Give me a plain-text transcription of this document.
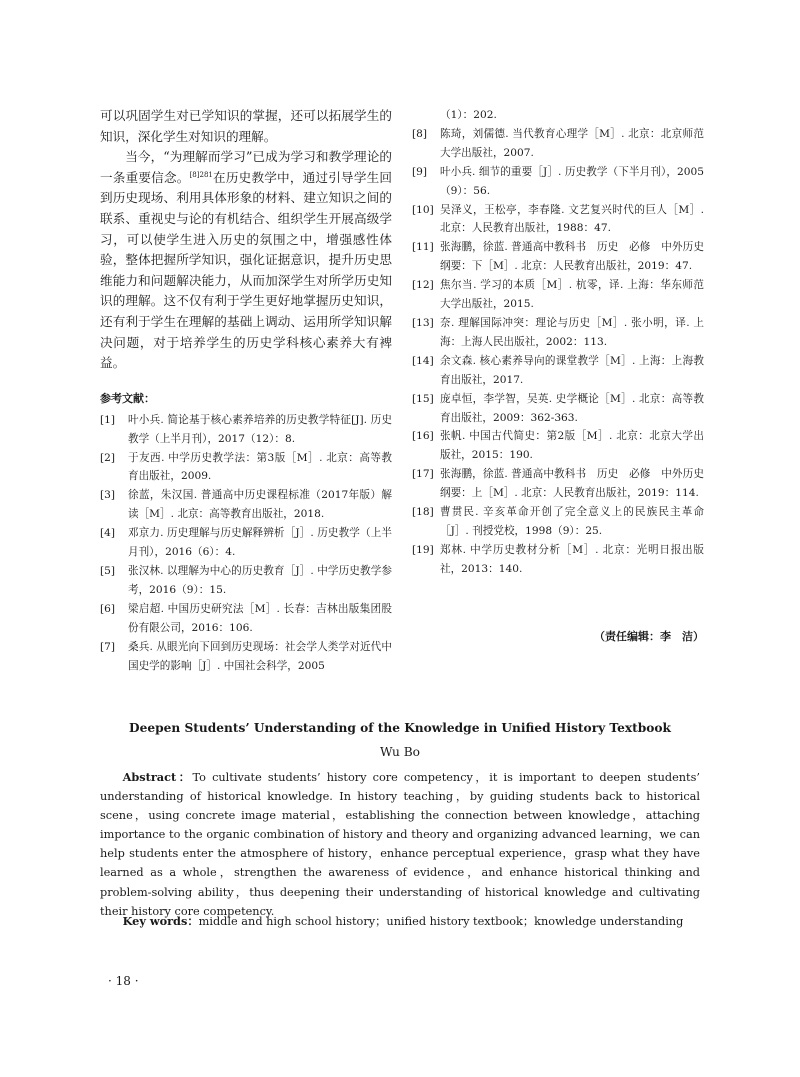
可以巩固学生对已学知识的掌握，还可以拓展学生的知识，深化学生对知识的理解。

当今，“为理解而学习”已成为学习和教学理论的一条重要信念。$^{[8]281}$在历史教学中，通过引导学生回到历史现场、利用具体形象的材料、建立知识之间的联系、重视史与论的有机结合、组织学生开展高级学习，可以使学生进入历史的氛围之中，增强感性体验，整体把握所学知识，强化证据意识，提升历史思维能力和问题解决能力，从而加深学生对所学历史知识的理解。这不仅有利于学生更好地掌握历史知识，还有利于学生在理解的基础上调动、运用所学知识解决问题，对于培养学生的历史学科核心素养大有裨益。

参考文献：
[1] 叶小兵. 简论基于核心素养培养的历史教学特征[J]. 历史教学（上半月刊），2017（12）：8.
[2] 于友西. 中学历史教学法：第3版［M］. 北京：高等教育出版社，2009.
[3] 徐蓝，朱汉国. 普通高中历史课程标准（2017年版）解读［M］. 北京：高等教育出版社，2018.
[4] 邓京力. 历史理解与历史解释辨析［J］. 历史教学（上半月刊），2016（6）：4.
[5] 张汉林. 以理解为中心的历史教育［J］. 中学历史教学参考，2016（9）：15.
[6] 梁启超. 中国历史研究法［M］. 长春：吉林出版集团股份有限公司，2016：106.
[7] 桑兵. 从眼光向下回到历史现场：社会学人类学对近代中国史学的影响［J］. 中国社会科学，2005
（1）：202.
[8] 陈琦，刘儒德. 当代教育心理学［M］. 北京：北京师范大学出版社，2007.
[9] 叶小兵. 细节的重要［J］. 历史教学（下半月刊），2005（9）：56.
[10] 吴泽义，王松亭，李春隆. 文艺复兴时代的巨人［M］. 北京：人民教育出版社，1988：47.
[11] 张海鹏，徐蓝. 普通高中教科书　历史　必修　中外历史纲要：下［M］. 北京：人民教育出版社，2019：47.
[12] 焦尔当. 学习的本质［M］. 杭零，译. 上海：华东师范大学出版社，2015.
[13] 奈. 理解国际冲突：理论与历史［M］. 张小明，译. 上海：上海人民出版社，2002：113.
[14] 余文森. 核心素养导向的课堂教学［M］. 上海：上海教育出版社，2017.
[15] 庞卓恒，李学智，吴英. 史学概论［M］. 北京：高等教育出版社，2009：362-363.
[16] 张帆. 中国古代简史：第2版［M］. 北京：北京大学出版社，2015：190.
[17] 张海鹏，徐蓝. 普通高中教科书　历史　必修　中外历史纲要：上［M］. 北京：人民教育出版社，2019：114.
[18] 曹贯民. 辛亥革命开创了完全意义上的民族民主革命［J］. 刊授党校，1998（9）：25.
[19] 郑林. 中学历史教材分析［M］. 北京：光明日报出版社，2013：140.
（责任编辑：李　洁）
Deepen Students’ Understanding of the Knowledge in Unified History Textbook
Wu Bo

Abstract：To cultivate students’ history core competency，it is important to deepen students’ understanding of historical knowledge. In history teaching，by guiding students back to historical scene，using concrete image material，establishing the connection between knowledge，attaching importance to the organic combination of history and theory and organizing advanced learning，we can help students enter the atmosphere of history，enhance perceptual experience，grasp what they have learned as a whole，strengthen the awareness of evidence，and enhance historical thinking and problem-solving ability，thus deepening their understanding of historical knowledge and cultivating their history core competency.

Key words：middle and high school history；unified history textbook；knowledge understanding

· 18 ·
